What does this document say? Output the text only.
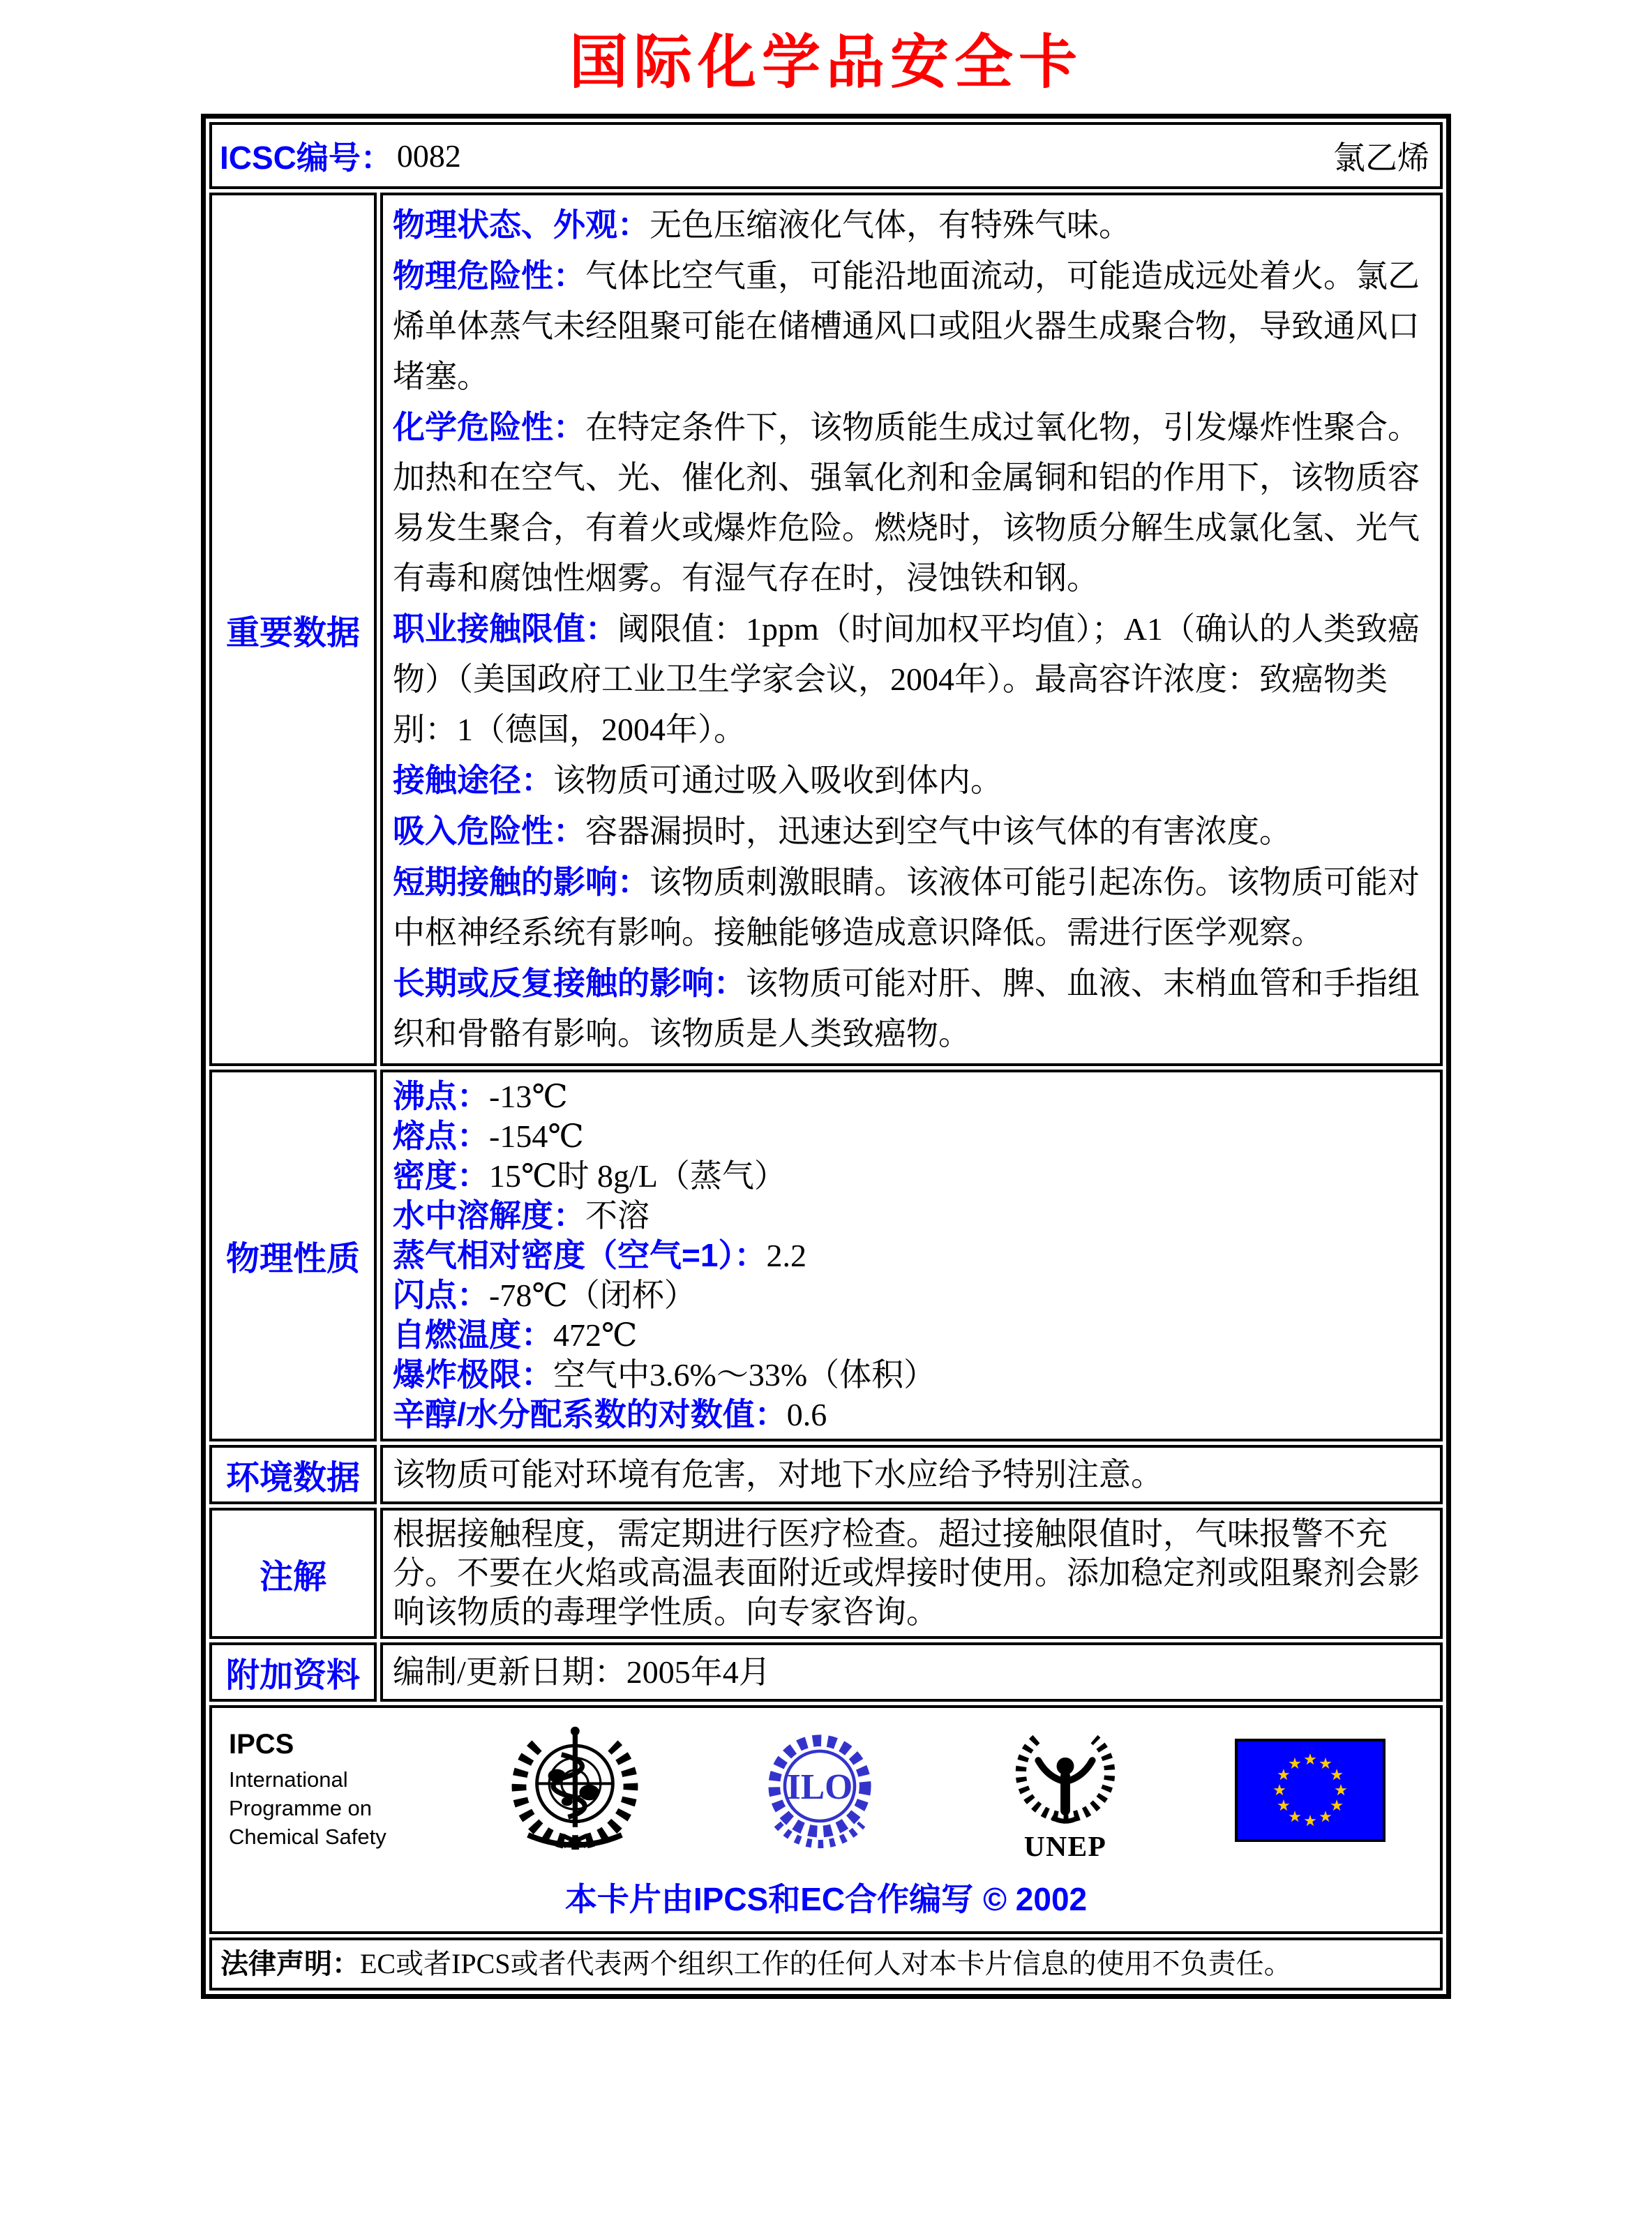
国际化学品安全卡
ICSC编号： 0082 氯乙烯	

重要数据	
物理状态、外观：无色压缩液化气体，有特殊气味。
物理危险性：气体比空气重，可能沿地面流动，可能造成远处着火。氯乙烯单体蒸气未经阻聚可能在储槽通风口或阻火器生成聚合物，导致通风口堵塞。
化学危险性：在特定条件下，该物质能生成过氧化物，引发爆炸性聚合。加热和在空气、光、催化剂、强氧化剂和金属铜和铝的作用下，该物质容易发生聚合，有着火或爆炸危险。燃烧时，该物质分解生成氯化氢、光气有毒和腐蚀性烟雾。有湿气存在时，浸蚀铁和钢。
职业接触限值：阈限值：1ppm（时间加权平均值）；A1（确认的人类致癌物）（美国政府工业卫生学家会议，2004年）。最高容许浓度：致癌物类别：1（德国，2004年）。
接触途径：该物质可通过吸入吸收到体内。
吸入危险性：容器漏损时，迅速达到空气中该气体的有害浓度。
短期接触的影响：该物质刺激眼睛。该液体可能引起冻伤。该物质可能对中枢神经系统有影响。接触能够造成意识降低。需进行医学观察。
长期或反复接触的影响：该物质可能对肝、脾、血液、末梢血管和手指组织和骨骼有影响。该物质是人类致癌物。

物理性质	
沸点：-13℃
熔点：-154℃
密度：15℃时 8g/L（蒸气）
水中溶解度：不溶
蒸气相对密度（空气=1）：2.2
闪点：-78℃（闭杯）
自燃温度：472℃
爆炸极限：空气中3.6%～33%（体积）
辛醇/水分配系数的对数值：0.6

环境数据	该物质可能对环境有危害，对地下水应给予特别注意。
注解	根据接触程度，需定期进行医疗检查。超过接触限值时，气味报警不充分。不要在火焰或高温表面附近或焊接时使用。添加稳定剂或阻聚剂会影响该物质的毒理学性质。向专家咨询。
附加资料	编制/更新日期：2005年4月

IPCS
International
Programme on
Chemical Safety
ILO
UNEP
本卡片由IPCS和EC合作编写 © 2002

法律声明：EC或者IPCS或者代表两个组织工作的任何人对本卡片信息的使用不负责任。	
